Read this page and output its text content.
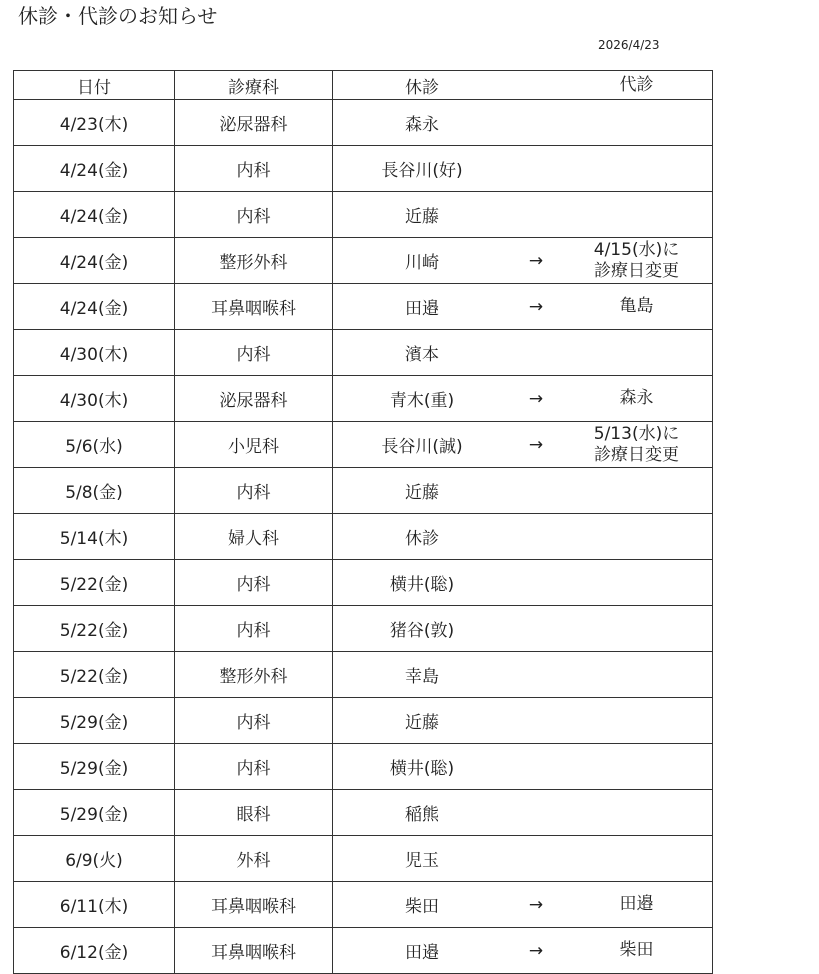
休診・代診のお知らせ
2026/4/23
日付	診療科	休診		代診
4/23(木)	泌尿器科	森永		
4/24(金)	内科	長谷川(好)		
4/24(金)	内科	近藤		
4/24(金)	整形外科	川崎	→	4/15(水)に
診療日変更
4/24(金)	耳鼻咽喉科	田邉	→	亀島
4/30(木)	内科	濱本		
4/30(木)	泌尿器科	青木(重)	→	森永
5/6(水)	小児科	長谷川(誠)	→	5/13(水)に
診療日変更
5/8(金)	内科	近藤		
5/14(木)	婦人科	休診		
5/22(金)	内科	横井(聡)		
5/22(金)	内科	猪谷(敦)		
5/22(金)	整形外科	幸島		
5/29(金)	内科	近藤		
5/29(金)	内科	横井(聡)		
5/29(金)	眼科	稲熊		
6/9(火)	外科	児玉		
6/11(木)	耳鼻咽喉科	柴田	→	田邉
6/12(金)	耳鼻咽喉科	田邉	→	柴田
